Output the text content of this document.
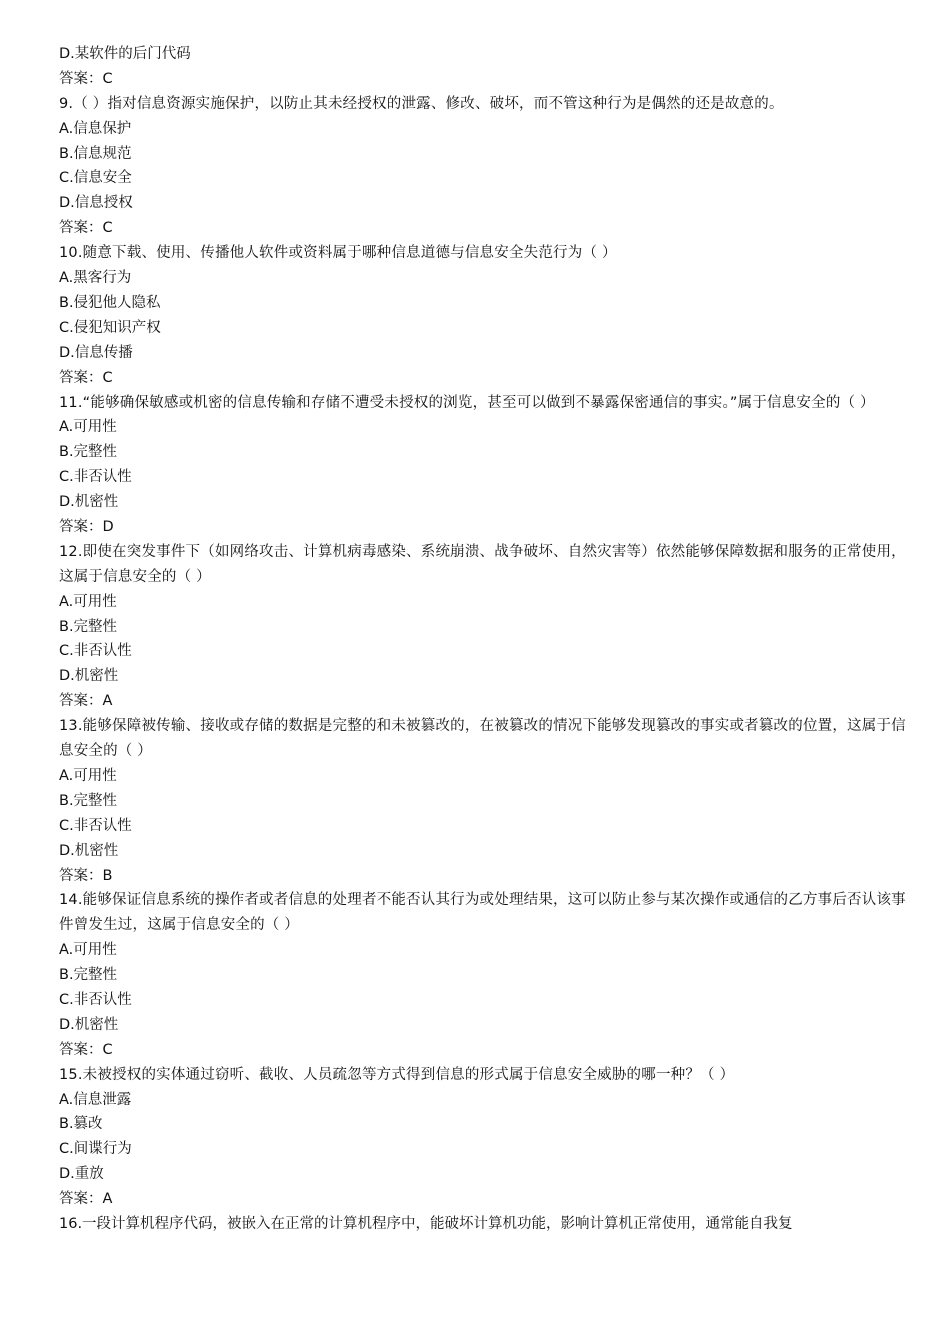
D.某软件的后门代码
答案：C
9.（ ）指对信息资源实施保护，以防止其未经授权的泄露、修改、破坏，而不管这种行为是偶然的还是故意的。
A.信息保护
B.信息规范
C.信息安全
D.信息授权
答案：C
10.随意下载、使用、传播他人软件或资料属于哪种信息道德与信息安全失范行为（ ）
A.黑客行为
B.侵犯他人隐私
C.侵犯知识产权
D.信息传播
答案：C
11.“能够确保敏感或机密的信息传输和存储不遭受未授权的浏览，甚至可以做到不暴露保密通信的事实。”属于信息安全的（ ）
A.可用性
B.完整性
C.非否认性
D.机密性
答案：D
12.即使在突发事件下（如网络攻击、计算机病毒感染、系统崩溃、战争破坏、自然灾害等）依然能够保障数据和服务的正常使用，这属于信息安全的（ ）
A.可用性
B.完整性
C.非否认性
D.机密性
答案：A
13.能够保障被传输、接收或存储的数据是完整的和未被篡改的，在被篡改的情况下能够发现篡改的事实或者篡改的位置，这属于信息安全的（ ）
A.可用性
B.完整性
C.非否认性
D.机密性
答案：B
14.能够保证信息系统的操作者或者信息的处理者不能否认其行为或处理结果，这可以防止参与某次操作或通信的乙方事后否认该事件曾发生过，这属于信息安全的（ ）
A.可用性
B.完整性
C.非否认性
D.机密性
答案：C
15.未被授权的实体通过窃听、截收、人员疏忽等方式得到信息的形式属于信息安全威胁的哪一种？（ ）
A.信息泄露
B.篡改
C.间谍行为
D.重放
答案：A
16.一段计算机程序代码，被嵌入在正常的计算机程序中，能破坏计算机功能，影响计算机正常使用，通常能自我复
